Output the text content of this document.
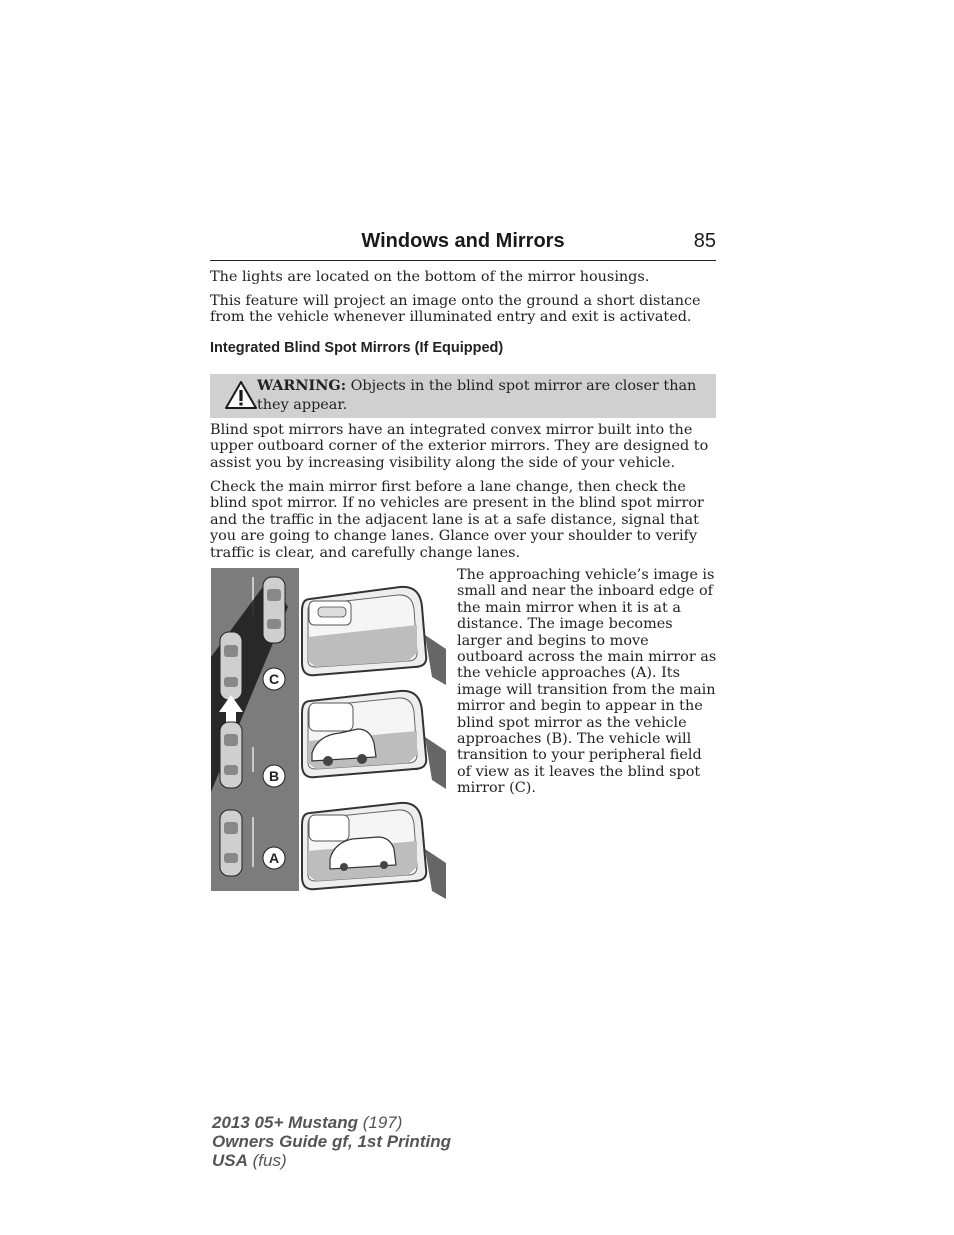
Windows and Mirrors	85
The lights are located on the bottom of the mirror housings.
This feature will project an image onto the ground a short distance from the vehicle whenever illuminated entry and exit is activated.
Integrated Blind Spot Mirrors (If Equipped)
WARNING: Objects in the blind spot mirror are closer than they appear.
Blind spot mirrors have an integrated convex mirror built into the upper outboard corner of the exterior mirrors. They are designed to assist you by increasing visibility along the side of your vehicle.
Check the main mirror first before a lane change, then check the blind spot mirror. If no vehicles are present in the blind spot mirror and the traffic in the adjacent lane is at a safe distance, signal that you are going to change lanes. Glance over your shoulder to verify traffic is clear, and carefully change lanes.
C
B
A
The approaching vehicle’s image is small and near the inboard edge of the main mirror when it is at a distance. The image becomes larger and begins to move outboard across the main mirror as the vehicle approaches (A). Its image will transition from the main mirror and begin to appear in the blind spot mirror as the vehicle approaches (B). The vehicle will transition to your peripheral field of view as it leaves the blind spot mirror (C).
2013 05+ Mustang (197)
Owners Guide gf, 1st Printing
USA (fus)
